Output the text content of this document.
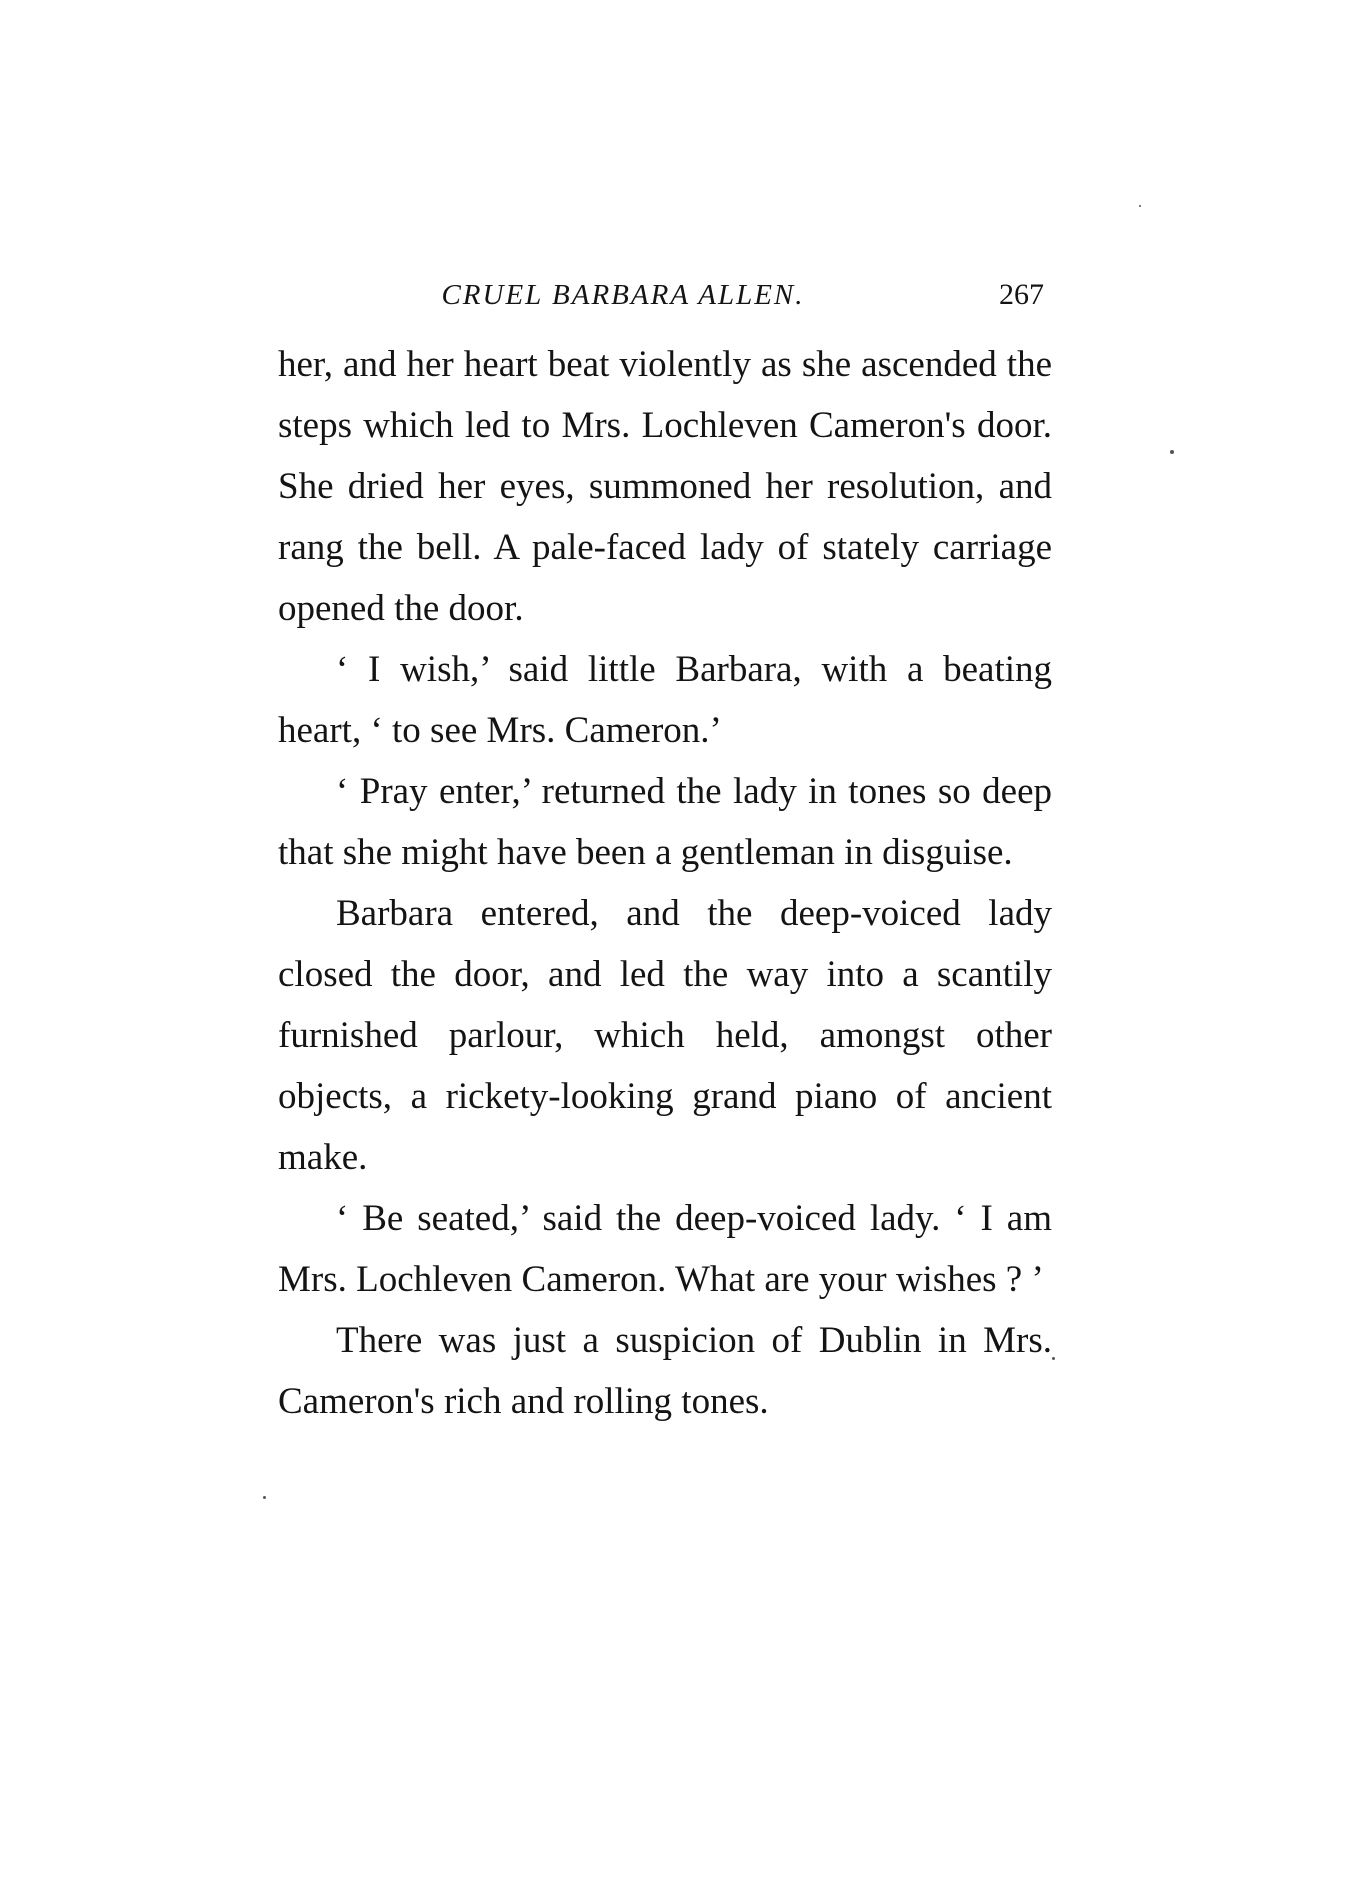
CRUEL BARBARA ALLEN.	267

her, and her heart beat violently as she ascended the steps which led to Mrs. Lochleven Cameron's door. She dried her eyes, summoned her resolution, and rang the bell. A pale-faced lady of stately carriage opened the door.

‘ I wish,’ said little Barbara, with a beating heart, ‘ to see Mrs. Cameron.’

‘ Pray enter,’ returned the lady in tones so deep that she might have been a gentleman in disguise.

Barbara entered, and the deep-voiced lady closed the door, and led the way into a scantily furnished parlour, which held, amongst other objects, a rickety-looking grand piano of ancient make.

‘ Be seated,’ said the deep-voiced lady. ‘ I am Mrs. Lochleven Cameron. What are your wishes ? ’

There was just a suspicion of Dublin in Mrs. Cameron's rich and rolling tones.
